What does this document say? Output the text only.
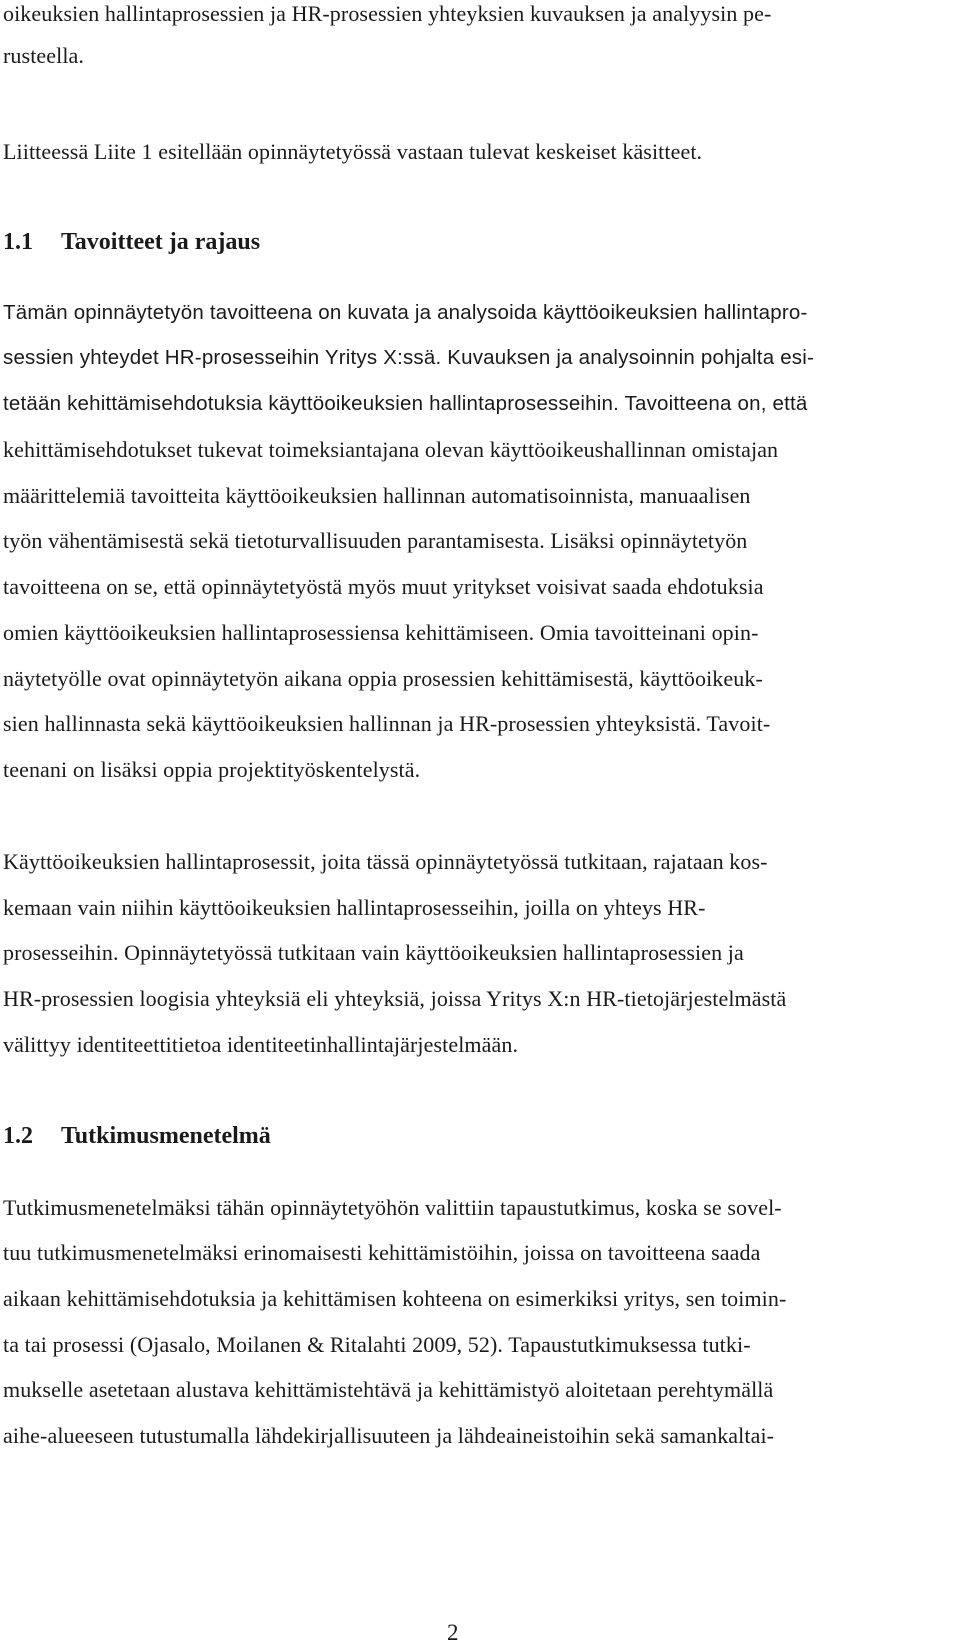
oikeuksien hallintaprosessien ja HR-prosessien yhteyksien kuvauksen ja analyysin pe-
rusteella.
Liitteessä Liite 1 esitellään opinnäytetyössä vastaan tulevat keskeiset käsitteet.
1.1 Tavoitteet ja rajaus
Tämän opinnäytetyön tavoitteena on kuvata ja analysoida käyttöoikeuksien hallintapro-
sessien yhteydet HR-prosesseihin Yritys X:ssä. Kuvauksen ja analysoinnin pohjalta esi-
tetään kehittämisehdotuksia käyttöoikeuksien hallintaprosesseihin. Tavoitteena on, että
kehittämisehdotukset tukevat toimeksiantajana olevan käyttöoikeushallinnan omistajan
määrittelemiä tavoitteita käyttöoikeuksien hallinnan automatisoinnista, manuaalisen
työn vähentämisestä sekä tietoturvallisuuden parantamisesta. Lisäksi opinnäytetyön
tavoitteena on se, että opinnäytetyöstä myös muut yritykset voisivat saada ehdotuksia
omien käyttöoikeuksien hallintaprosessiensa kehittämiseen. Omia tavoitteinani opin-
näytetyölle ovat opinnäytetyön aikana oppia prosessien kehittämisestä, käyttöoikeuk-
sien hallinnasta sekä käyttöoikeuksien hallinnan ja HR-prosessien yhteyksistä. Tavoit-
teenani on lisäksi oppia projektityöskentelystä.
Käyttöoikeuksien hallintaprosessit, joita tässä opinnäytetyössä tutkitaan, rajataan kos-
kemaan vain niihin käyttöoikeuksien hallintaprosesseihin, joilla on yhteys HR-
prosesseihin. Opinnäytetyössä tutkitaan vain käyttöoikeuksien hallintaprosessien ja
HR-prosessien loogisia yhteyksiä eli yhteyksiä, joissa Yritys X:n HR-tietojärjestelmästä
välittyy identiteettitietoa identiteetinhallintajärjestelmään.
1.2 Tutkimusmenetelmä
Tutkimusmenetelmäksi tähän opinnäytetyöhön valittiin tapaustutkimus, koska se sovel-
tuu tutkimusmenetelmäksi erinomaisesti kehittämistöihin, joissa on tavoitteena saada
aikaan kehittämisehdotuksia ja kehittämisen kohteena on esimerkiksi yritys, sen toimin-
ta tai prosessi (Ojasalo, Moilanen & Ritalahti 2009, 52). Tapaustutkimuksessa tutki-
mukselle asetetaan alustava kehittämistehtävä ja kehittämistyö aloitetaan perehtymällä
aihe-alueeseen tutustumalla lähdekirjallisuuteen ja lähdeaineistoihin sekä samankaltai-
2
